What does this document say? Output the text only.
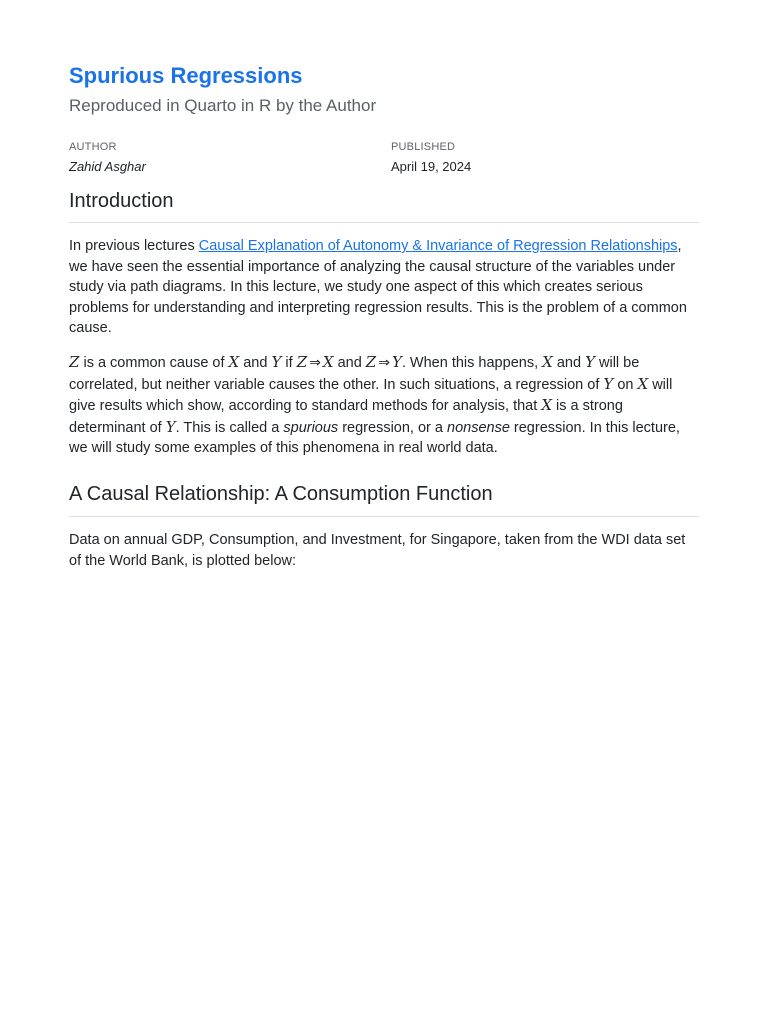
Spurious Regressions

Reproduced in Quarto in R by the Author

AUTHOR
Zahid Asghar
PUBLISHED
April 19, 2024
Introduction

In previous lectures Causal Explanation of Autonomy & Invariance of Regression Relationships, we have seen the essential importance of analyzing the causal structure of the variables under study via path diagrams. In this lecture, we study one aspect of this which creates serious problems for understanding and interpreting regression results. This is the problem of a common cause.

Z is a common cause of X and Y if Z ⇒ X and Z ⇒ Y. When this happens, X and Y will be correlated, but neither variable causes the other. In such situations, a regression of Y on X will give results which show, according to standard methods for analysis, that X is a strong determinant of Y. This is called a spurious regression, or a nonsense regression. In this lecture, we will study some examples of this phenomena in real world data.

A Causal Relationship: A Consumption Function

Data on annual GDP, Consumption, and Investment, for Singapore, taken from the WDI data set of the World Bank, is plotted below:
